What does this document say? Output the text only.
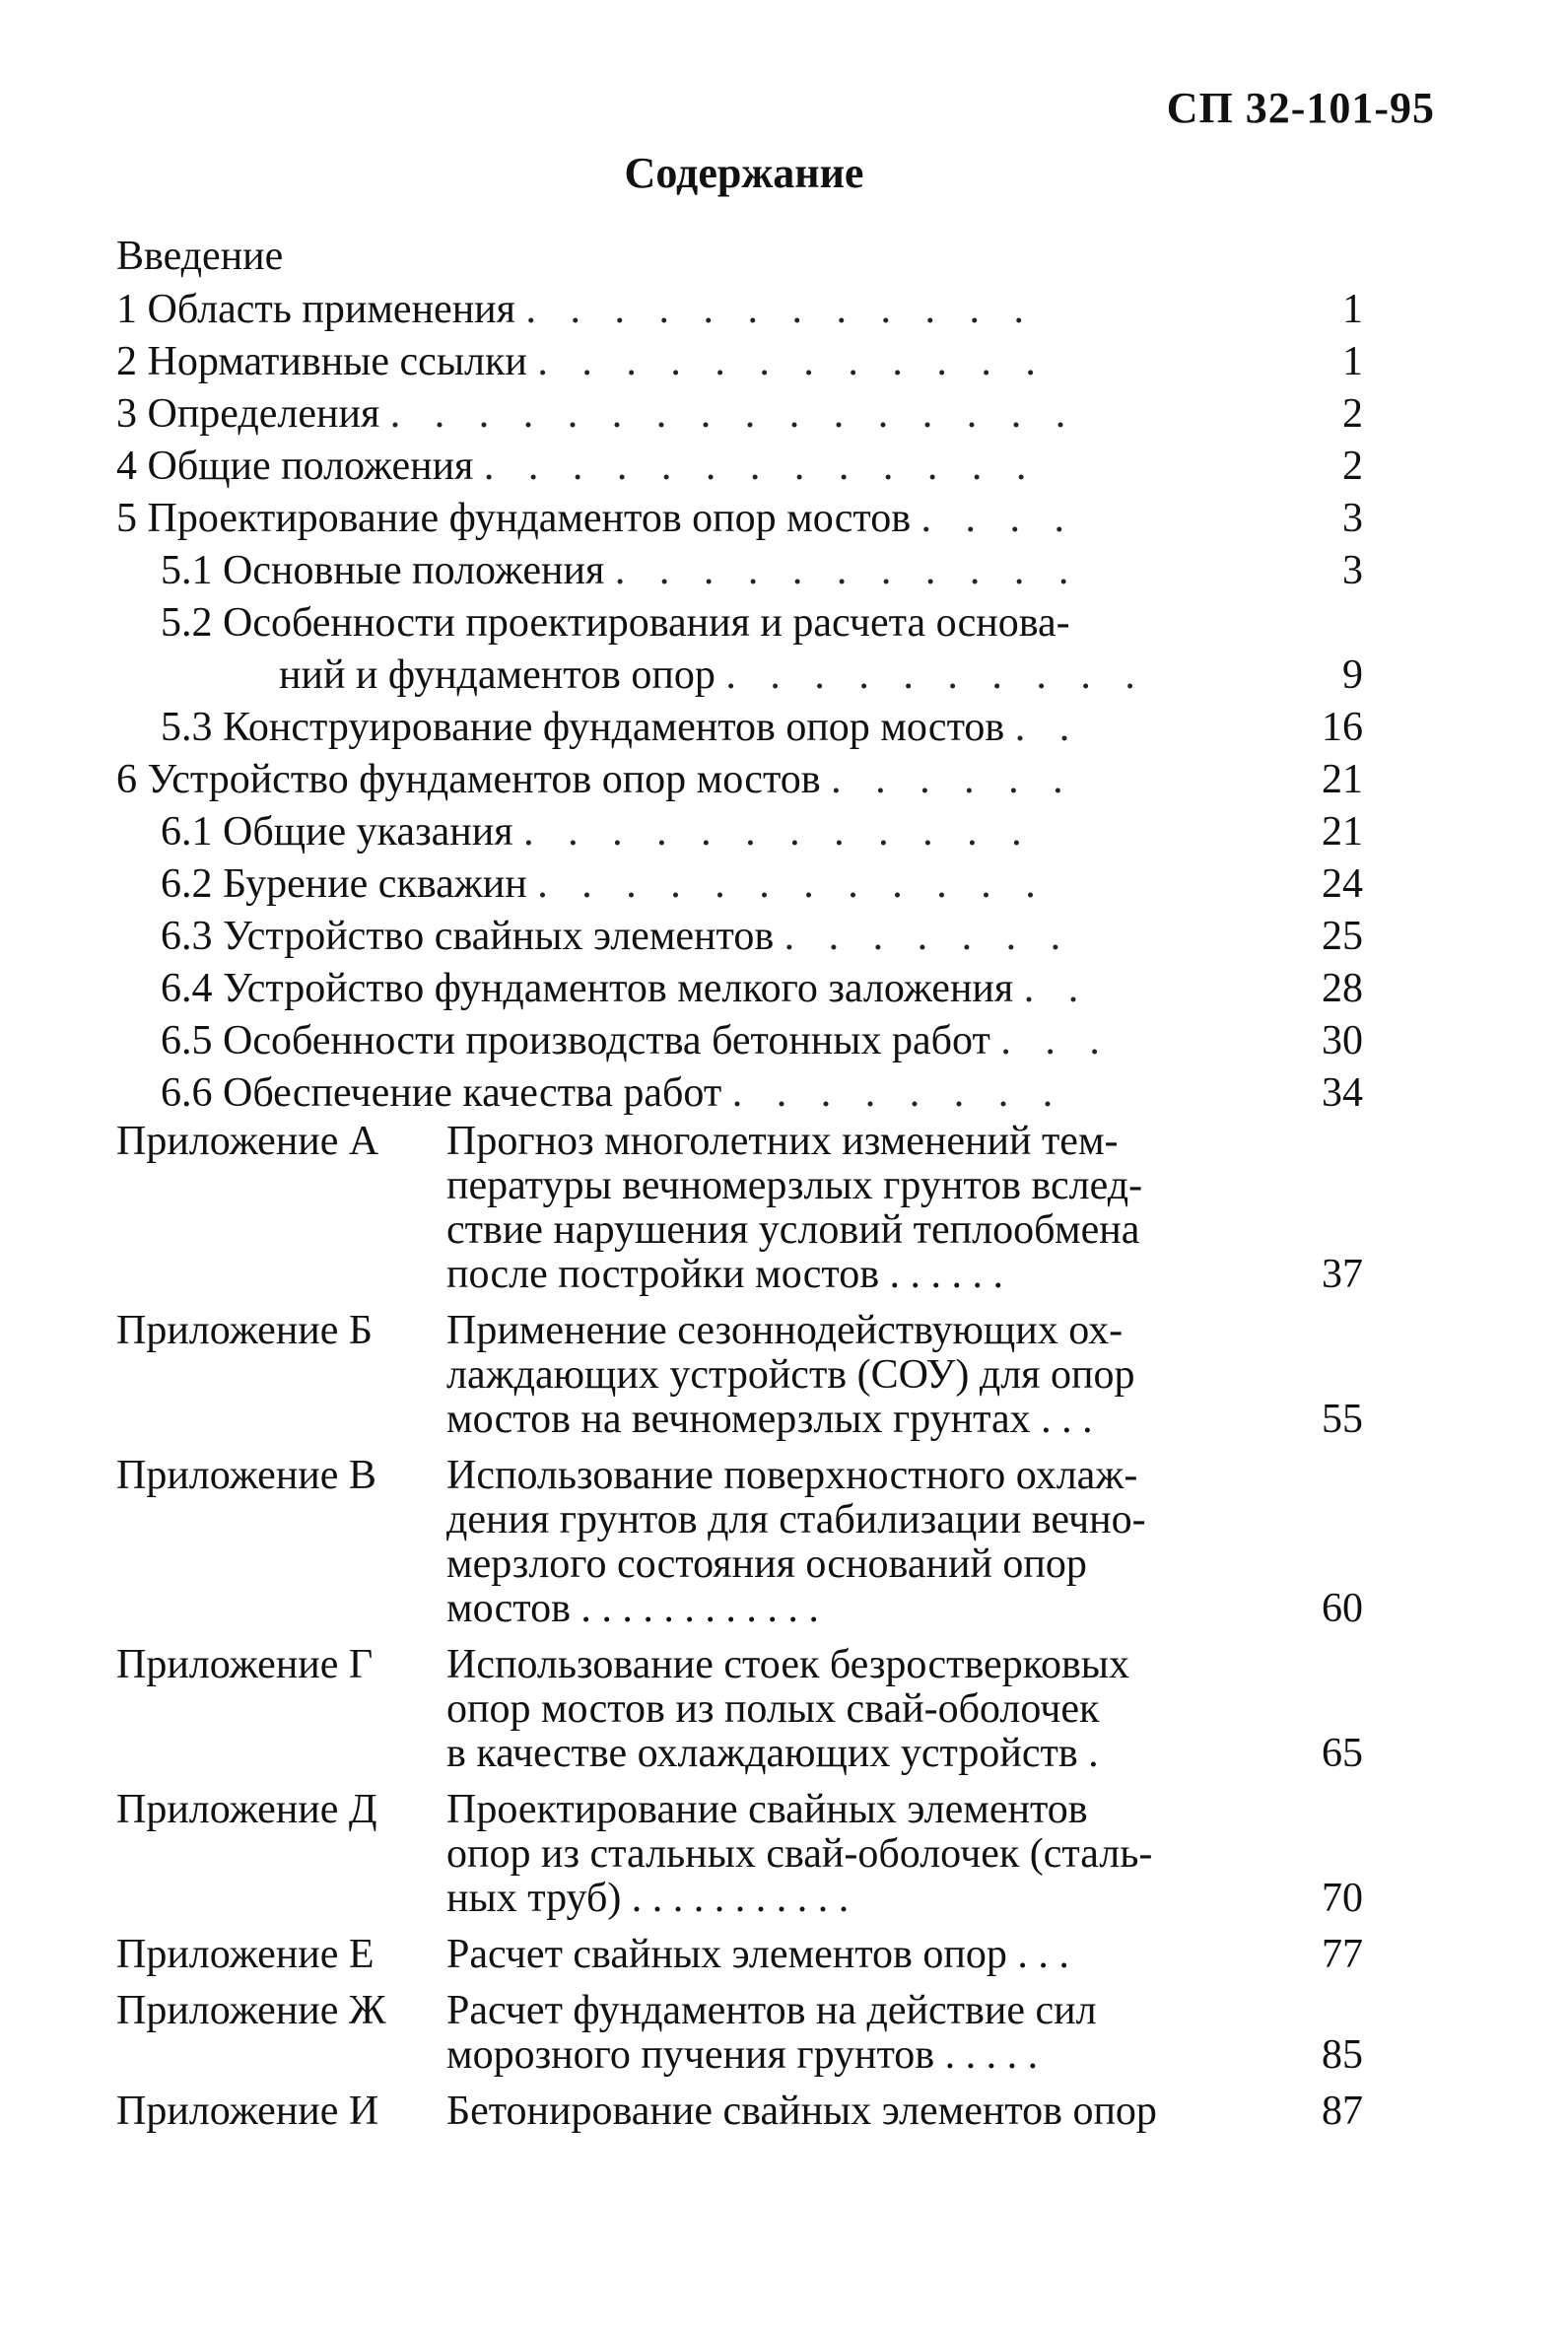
СП 32-101-95
Содержание
Введение
1 Область применения . . . . . . . . . . . .	1
2 Нормативные ссылки . . . . . . . . . . . .	1
3 Определения . . . . . . . . . . . . . . . .	2
4 Общие положения . . . . . . . . . . . . .	2
5 Проектирование фундаментов опор мостов . . . .	3
5.1 Основные положения . . . . . . . . . . .	3
5.2 Особенности проектирования и расчета основа-
ний и фундаментов опор . . . . . . . . . .	9
5.3 Конструирование фундаментов опор мостов . .	16
6 Устройство фундаментов опор мостов . . . . . .	21
6.1 Общие указания . . . . . . . . . . . .	21
6.2 Бурение скважин . . . . . . . . . . . .	24
6.3 Устройство свайных элементов . . . . . . .	25
6.4 Устройство фундаментов мелкого заложения . .	28
6.5 Особенности производства бетонных работ . . .	30
6.6 Обеспечение качества работ . . . . . . . .	34
Приложение А	Прогноз многолетних изменений тем-
пературы вечномерзлых грунтов вслед-
ствие нарушения условий теплообмена
после постройки мостов . . . . . .	37
Приложение Б	Применение сезоннодействующих ох-
лаждающих устройств (СОУ) для опор
мостов на вечномерзлых грунтах . . .	55
Приложение В	Использование поверхностного охлаж-
дения грунтов для стабилизации вечно-
мерзлого состояния оснований опор
мостов . . . . . . . . . . . .	60
Приложение Г	Использование стоек безростверковых
опор мостов из полых свай-оболочек
в качестве охлаждающих устройств .	65
Приложение Д	Проектирование свайных элементов
опор из стальных свай-оболочек (сталь-
ных труб) . . . . . . . . . . .	70
Приложение Е	Расчет свайных элементов опор . . .	77
Приложение Ж	Расчет фундаментов на действие сил
морозного пучения грунтов . . . . .	85
Приложение И	Бетонирование свайных элементов опор	87
